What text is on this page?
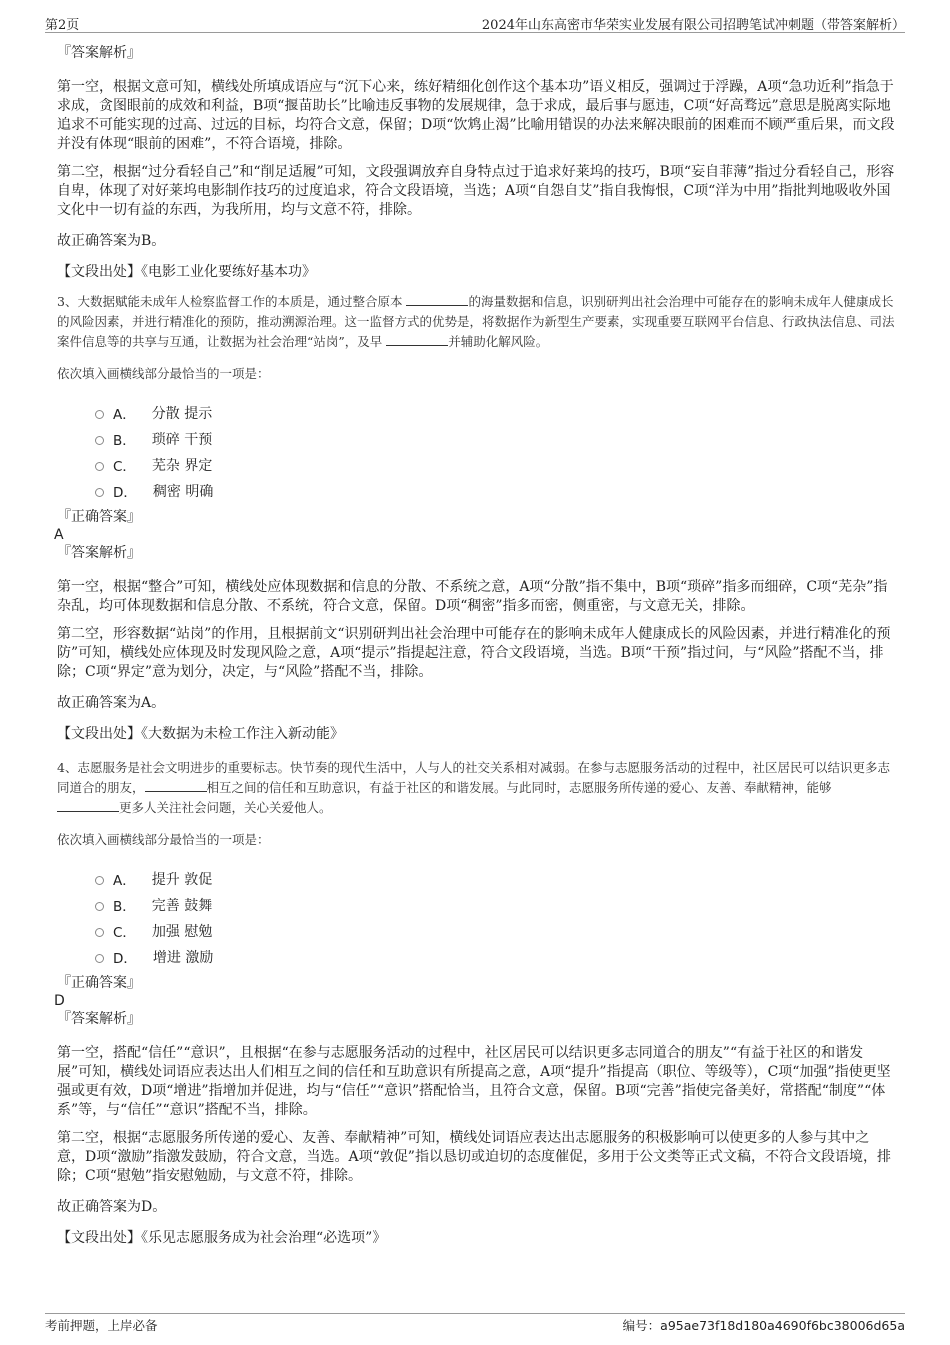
第2页	2024年山东高密市华荣实业发展有限公司招聘笔试冲刺题（带答案解析）
『答案解析』

第一空，根据文意可知，横线处所填成语应与“沉下心来，练好精细化创作这个基本功”语义相反，强调过于浮躁，A项“急功近利”指急于求成，贪图眼前的成效和利益，B项“揠苗助长”比喻违反事物的发展规律，急于求成，最后事与愿违，C项“好高骛远”意思是脱离实际地追求不可能实现的过高、过远的目标，均符合文意，保留；D项“饮鸩止渴”比喻用错误的办法来解决眼前的困难而不顾严重后果，而文段并没有体现“眼前的困难”，不符合语境，排除。

第二空，根据“过分看轻自己”和“削足适履”可知，文段强调放弃自身特点过于追求好莱坞的技巧，B项“妄自菲薄”指过分看轻自己，形容自卑，体现了对好莱坞电影制作技巧的过度追求，符合文段语境，当选；A项“自怨自艾”指自我悔恨，C项“洋为中用”指批判地吸收外国文化中一切有益的东西，为我所用，均与文意不符，排除。

故正确答案为B。

【文段出处】《电影工业化要练好基本功》

3、大数据赋能未成年人检察监督工作的本质是，通过整合原本	的海量数据和信息，识别研判出社会治理中可能存在的影响未成年人健康成长的风险因素，并进行精准化的预防，推动溯源治理。这一监督方式的优势是，将数据作为新型生产要素，实现重要互联网平台信息、行政执法信息、司法案件信息等的共享与互通，让数据为社会治理“站岗”，及早	并辅助化解风险。

依次填入画横线部分最恰当的一项是：

A． 分散 提示
B． 琐碎 干预
C． 芜杂 界定
D． 稠密 明确
『正确答案』
A
『答案解析』

第一空，根据“整合”可知，横线处应体现数据和信息的分散、不系统之意，A项“分散”指不集中，B项“琐碎”指多而细碎，C项“芜杂”指杂乱，均可体现数据和信息分散、不系统，符合文意，保留。D项“稠密”指多而密，侧重密，与文意无关，排除。

第二空，形容数据“站岗”的作用，且根据前文“识别研判出社会治理中可能存在的影响未成年人健康成长的风险因素，并进行精准化的预防”可知，横线处应体现及时发现风险之意，A项“提示”指提起注意，符合文段语境，当选。B项“干预”指过问，与“风险”搭配不当，排除；C项“界定”意为划分，决定，与“风险”搭配不当，排除。

故正确答案为A。

【文段出处】《大数据为未检工作注入新动能》

4、志愿服务是社会文明进步的重要标志。快节奏的现代生活中，人与人的社交关系相对减弱。在参与志愿服务活动的过程中，社区居民可以结识更多志同道合的朋友，	相互之间的信任和互助意识，有益于社区的和谐发展。与此同时，志愿服务所传递的爱心、友善、奉献精神，能够 更多人关注社会问题，关心关爱他人。

依次填入画横线部分最恰当的一项是：

A． 提升 敦促
B． 完善 鼓舞
C． 加强 慰勉
D． 增进 激励
『正确答案』
D
『答案解析』

第一空，搭配“信任”“意识”，且根据“在参与志愿服务活动的过程中，社区居民可以结识更多志同道合的朋友”“有益于社区的和谐发展”可知，横线处词语应表达出人们相互之间的信任和互助意识有所提高之意，A项“提升”指提高（职位、等级等），C项“加强”指使更坚强或更有效，D项“增进”指增加并促进，均与“信任”“意识”搭配恰当，且符合文意，保留。B项“完善”指使完备美好，常搭配“制度”“体系”等，与“信任”“意识”搭配不当，排除。

第二空，根据“志愿服务所传递的爱心、友善、奉献精神”可知，横线处词语应表达出志愿服务的积极影响可以使更多的人参与其中之意，D项“激励”指激发鼓励，符合文意，当选。A项“敦促”指以恳切或迫切的态度催促，多用于公文类等正式文稿，不符合文段语境，排除；C项“慰勉”指安慰勉励，与文意不符，排除。

故正确答案为D。

【文段出处】《乐见志愿服务成为社会治理“必选项”》

考前押题，上岸必备	编号：a95ae73f18d180a4690f6bc38006d65a
